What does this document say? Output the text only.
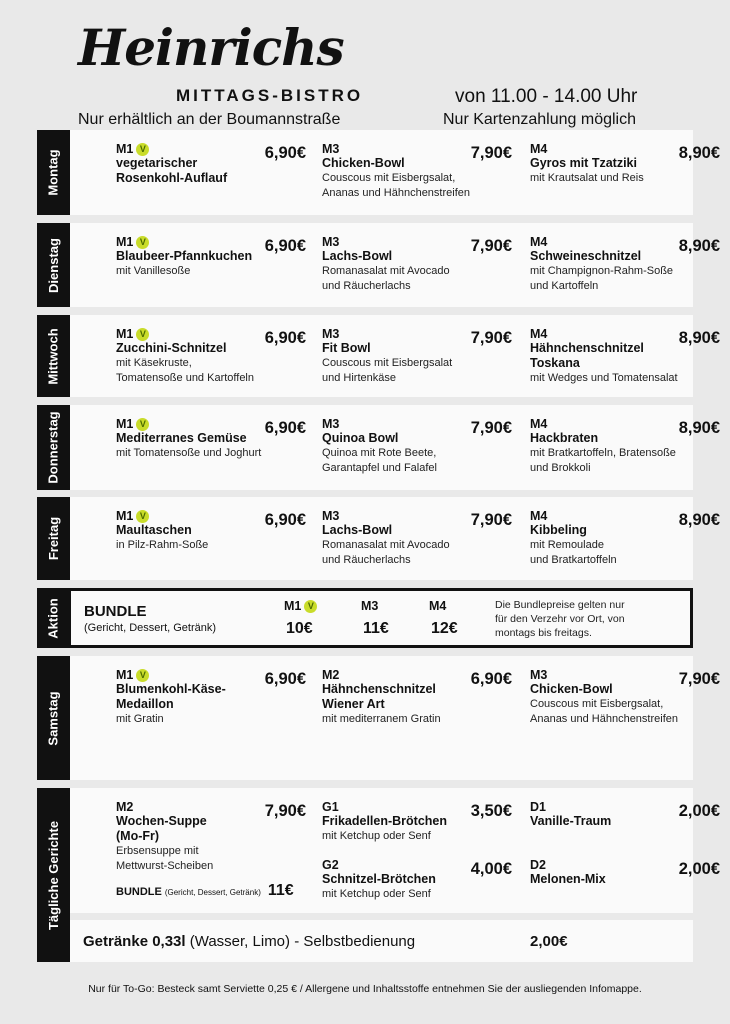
Heinrichs
MITTAGS-BISTRO	von 11.00 - 14.00 Uhr
Nur erhältlich an der Boumannstraße	Nur Kartenzahlung möglich
Montag
M1 V
vegetarischer
Rosenkohl-Auflauf
6,90€ M3
Chicken-Bowl
Couscous mit Eisbergsalat,
Ananas und Hähnchenstreifen
7,90€ M4
Gyros mit Tzatziki
mit Krautsalat und Reis
8,90€
Dienstag	M1 V
Blaubeer-Pfannkuchen
mit Vanillesoße
6,90€ M3
Lachs-Bowl
Romanasalat mit Avocado
und Räucherlachs
7,90€ M4
Schweineschnitzel
mit Champignon-Rahm-Soße
und Kartoffeln
8,90€
Mittwoch	M1 V
Zucchini-Schnitzel
mit Käsekruste,
Tomatensoße und Kartoffeln
6,90€ M3
Fit Bowl
Couscous mit Eisbergsalat
und Hirtenkäse
7,90€ M4
Hähnchenschnitzel
Toskana
mit Wedges und Tomatensalat
8,90€
Donnerstag	M1 V
Mediterranes Gemüse
mit Tomatensoße und Joghurt
6,90€ M3
Quinoa Bowl
Quinoa mit Rote Beete,
Garantapfel und Falafel
7,90€ M4
Hackbraten
mit Bratkartoffeln, Bratensoße
und Brokkoli
8,90€
Freitag
M1 V
Maultaschen
in Pilz-Rahm-Soße
6,90€ M3
Lachs-Bowl
Romanasalat mit Avocado
und Räucherlachs
7,90€ M4
Kibbeling
mit Remoulade
und Bratkartoffeln
8,90€
Aktion BUNDLE
(Gericht, Dessert, Getränk)
M1 V
10€
M3
11€
M4
12€
Die Bundlepreise gelten nur
für den Verzehr vor Ort, von
montags bis freitags.
Samstag
M1 V
Blumenkohl-Käse-
Medaillon
mit Gratin
6,90€ M2
Hähnchenschnitzel
Wiener Art
mit mediterranem Gratin
6,90€ M3
Chicken-Bowl
Couscous mit Eisbergsalat,
Ananas und Hähnchenstreifen
7,90€
Tägliche Gerichte
M2
Wochen-Suppe
(Mo-Fr)
Erbsensuppe mit
Mettwurst-Scheiben
7,90€
BUNDLE (Gericht, Dessert, Getränk) 11€
G1
Frikadellen-Brötchen
mit Ketchup oder Senf
3,50€
G2
Schnitzel-Brötchen
mit Ketchup oder Senf
4,00€
D1
Vanille-Traum
2,00€
D2
Melonen-Mix
2,00€
Getränke 0,33l (Wasser, Limo) - Selbstbedienung	2,00€
Nur für To-Go: Besteck samt Serviette 0,25 € / Allergene und Inhaltsstoffe entnehmen Sie der ausliegenden Infomappe.
